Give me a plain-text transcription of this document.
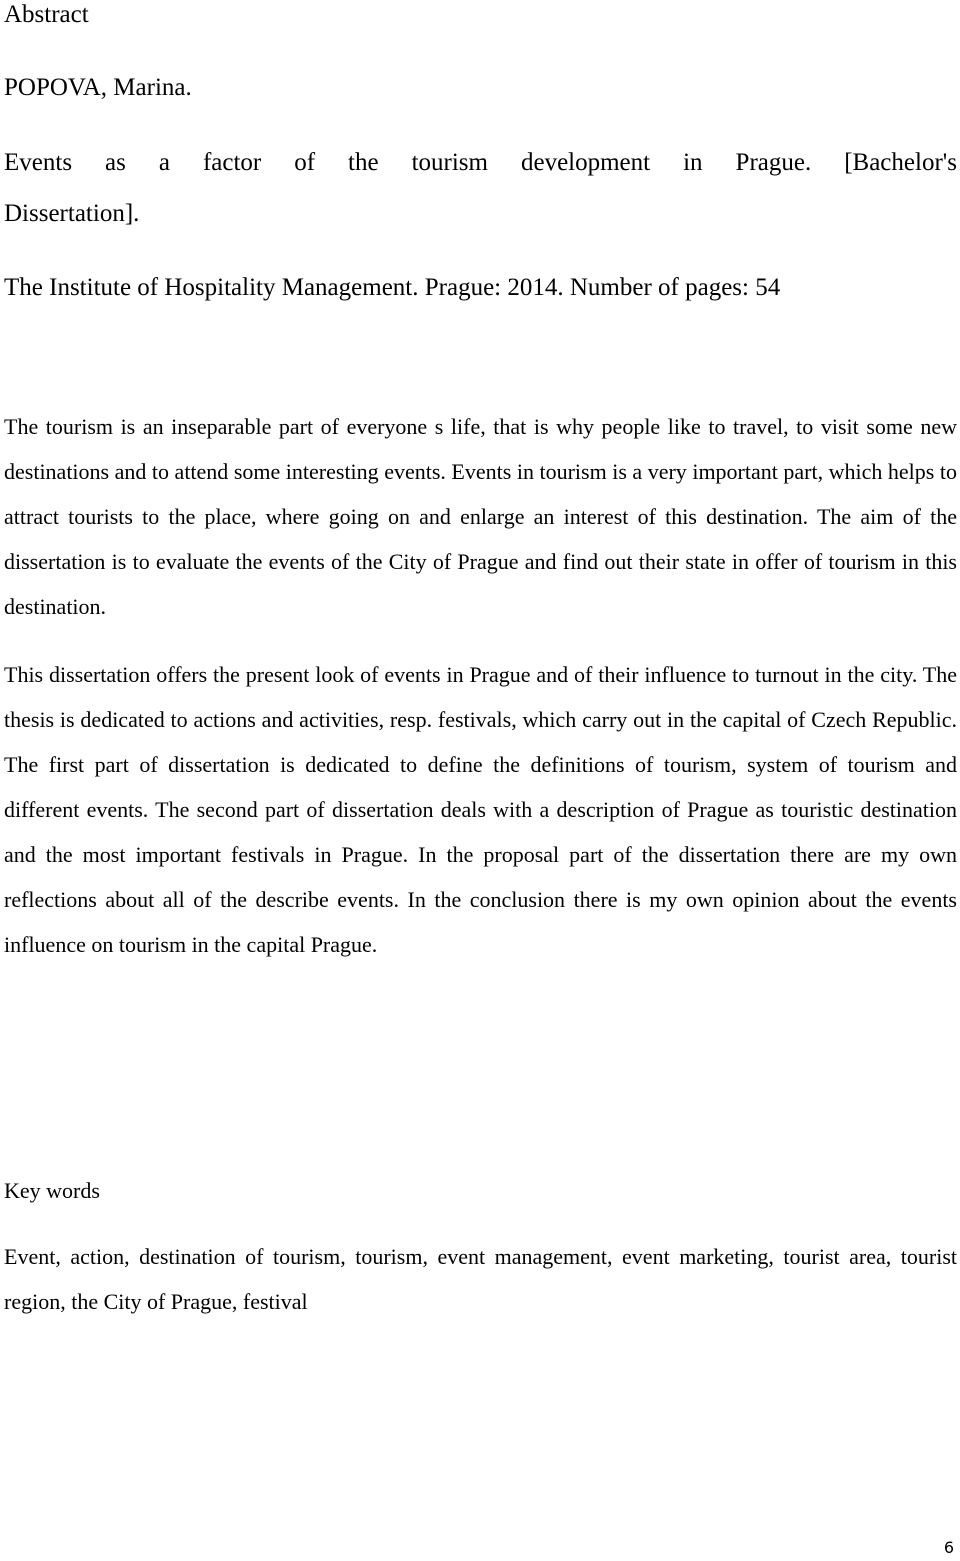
Abstract

POPOVA, Marina.

Events as a factor of the tourism development in Prague. [Bachelor's

Dissertation].

The Institute of Hospitality Management. Prague: 2014. Number of pages: 54

The tourism is an inseparable part of everyone s life, that is why people like to travel, to visit some new destinations and to attend some interesting events. Events in tourism is a very important part, which helps to attract tourists to the place, where going on and enlarge an interest of this destination. The aim of the dissertation is to evaluate the events of the City of Prague and find out their state in offer of tourism in this destination.

This dissertation offers the present look of events in Prague and of their influence to turnout in the city. The thesis is dedicated to actions and activities, resp. festivals, which carry out in the capital of Czech Republic. The first part of dissertation is dedicated to define the definitions of tourism, system of tourism and different events. The second part of dissertation deals with a description of Prague as touristic destination and the most important festivals in Prague. In the proposal part of the dissertation there are my own reflections about all of the describe events. In the conclusion there is my own opinion about the events influence on tourism in the capital Prague.

Key words

Event, action, destination of tourism, tourism, event management, event marketing, tourist area, tourist region, the City of Prague, festival

6
